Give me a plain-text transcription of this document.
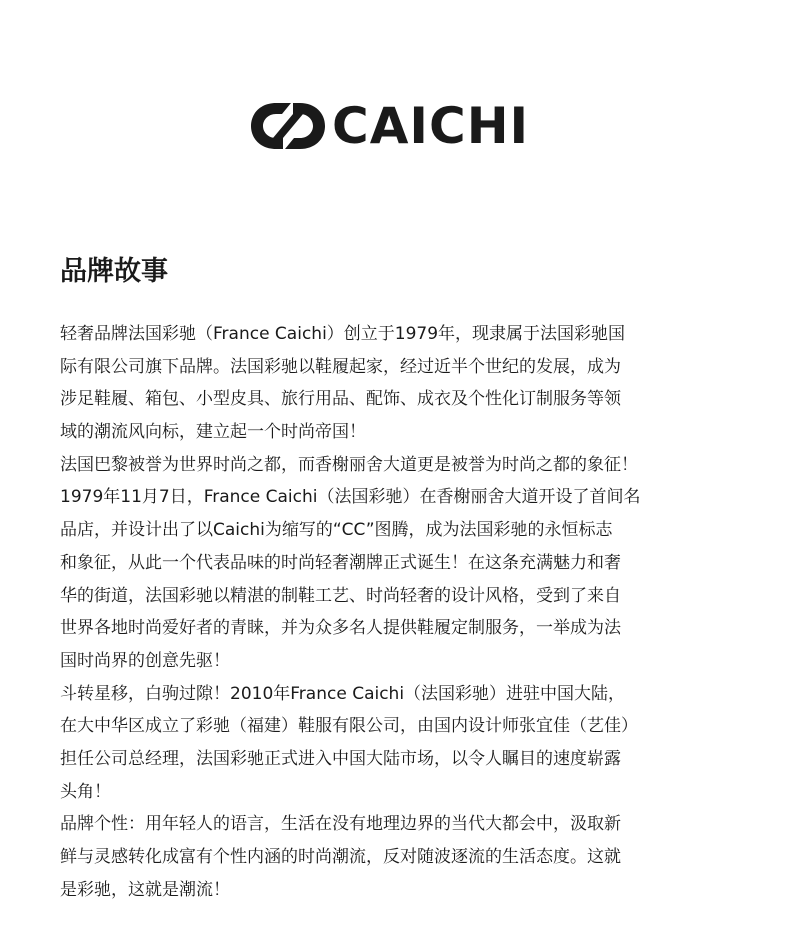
CAICHI
品牌故事

轻奢品牌法国彩驰（France Caichi）创立于1979年，现隶属于法国彩驰国

际有限公司旗下品牌。法国彩驰以鞋履起家，经过近半个世纪的发展，成为

涉足鞋履、箱包、小型皮具、旅行用品、配饰、成衣及个性化订制服务等领

域的潮流风向标，建立起一个时尚帝国！

法国巴黎被誉为世界时尚之都，而香榭丽舍大道更是被誉为时尚之都的象征！

1979年11月7日，France Caichi（法国彩驰）在香榭丽舍大道开设了首间名

品店，并设计出了以Caichi为缩写的“CC”图腾，成为法国彩驰的永恒标志

和象征，从此一个代表品味的时尚轻奢潮牌正式诞生！在这条充满魅力和奢

华的街道，法国彩驰以精湛的制鞋工艺、时尚轻奢的设计风格，受到了来自

世界各地时尚爱好者的青睐，并为众多名人提供鞋履定制服务，一举成为法

国时尚界的创意先驱！

斗转星移，白驹过隙！2010年France Caichi（法国彩驰）进驻中国大陆，

在大中华区成立了彩驰（福建）鞋服有限公司，由国内设计师张宜佳（艺佳）

担任公司总经理，法国彩驰正式进入中国大陆市场，以令人瞩目的速度崭露

头角！

品牌个性：用年轻人的语言，生活在没有地理边界的当代大都会中，汲取新

鲜与灵感转化成富有个性内涵的时尚潮流，反对随波逐流的生活态度。这就

是彩驰，这就是潮流！
